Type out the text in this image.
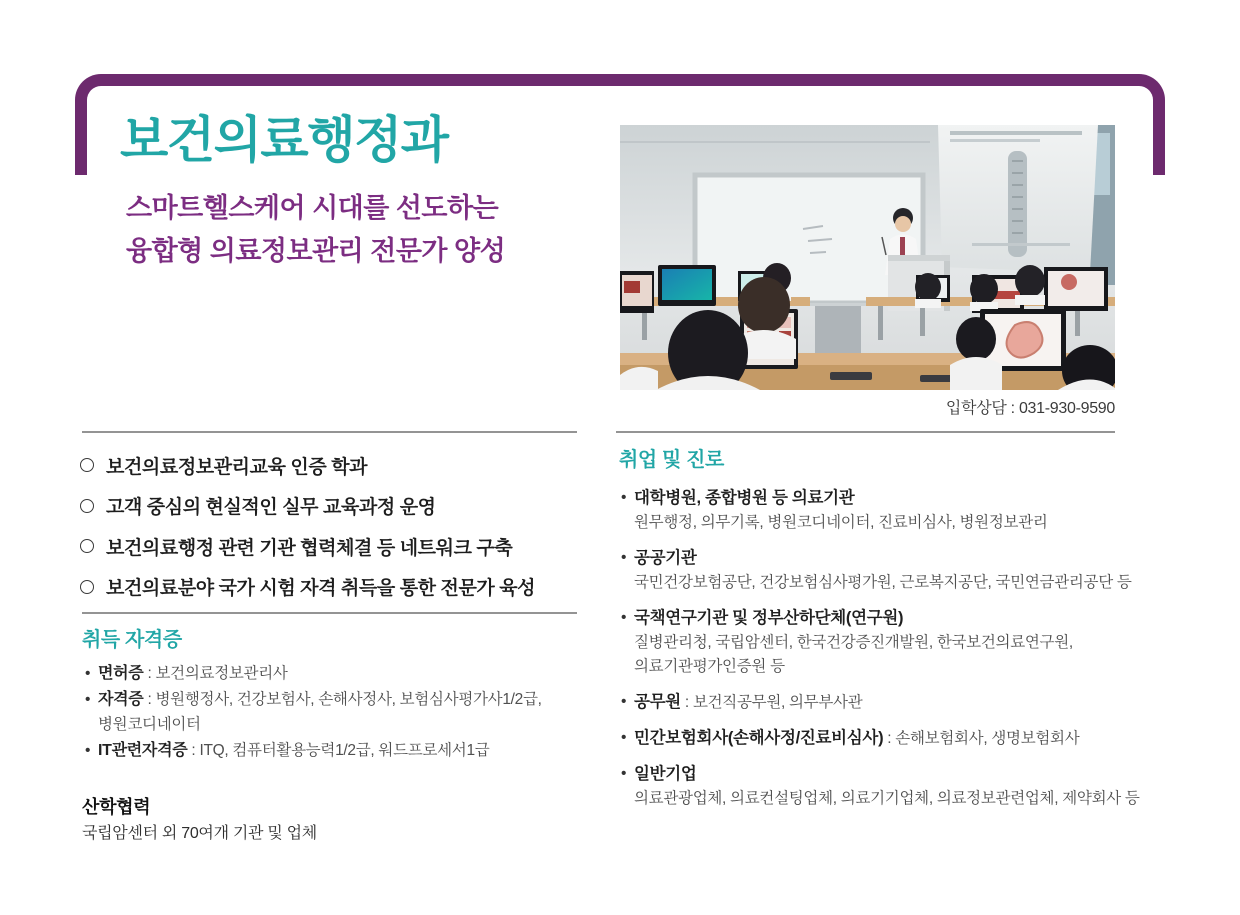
보건의료행정과
스마트헬스케어 시대를 선도하는
융합형 의료정보관리 전문가 양성
입학상담 : 031-930-9590
보건의료정보관리교육 인증 학과
고객 중심의 현실적인 실무 교육과정 운영
보건의료행정 관련 기관 협력체결 등 네트워크 구축
보건의료분야 국가 시험 자격 취득을 통한 전문가 육성
취득 자격증
• 면허증 : 보건의료정보관리사
• 자격증 : 병원행정사, 건강보험사, 손해사정사, 보험심사평가사1/2급,
병원코디네이터
• IT관련자격증 : ITQ, 컴퓨터활용능력1/2급, 워드프로세서1급
산학협력
국립암센터 외 70여개 기관 및 업체
취업 및 진로
• 대학병원, 종합병원 등 의료기관
원무행정, 의무기록, 병원코디네이터, 진료비심사, 병원정보관리
• 공공기관
국민건강보험공단, 건강보험심사평가원, 근로복지공단, 국민연금관리공단 등
• 국책연구기관 및 정부산하단체(연구원)
질병관리청, 국립암센터, 한국건강증진개발원, 한국보건의료연구원,
의료기관평가인증원 등
• 공무원 : 보건직공무원, 의무부사관
• 민간보험회사(손해사정/진료비심사) : 손해보험회사, 생명보험회사
• 일반기업
의료관광업체, 의료컨설팅업체, 의료기기업체, 의료정보관련업체, 제약회사 등
